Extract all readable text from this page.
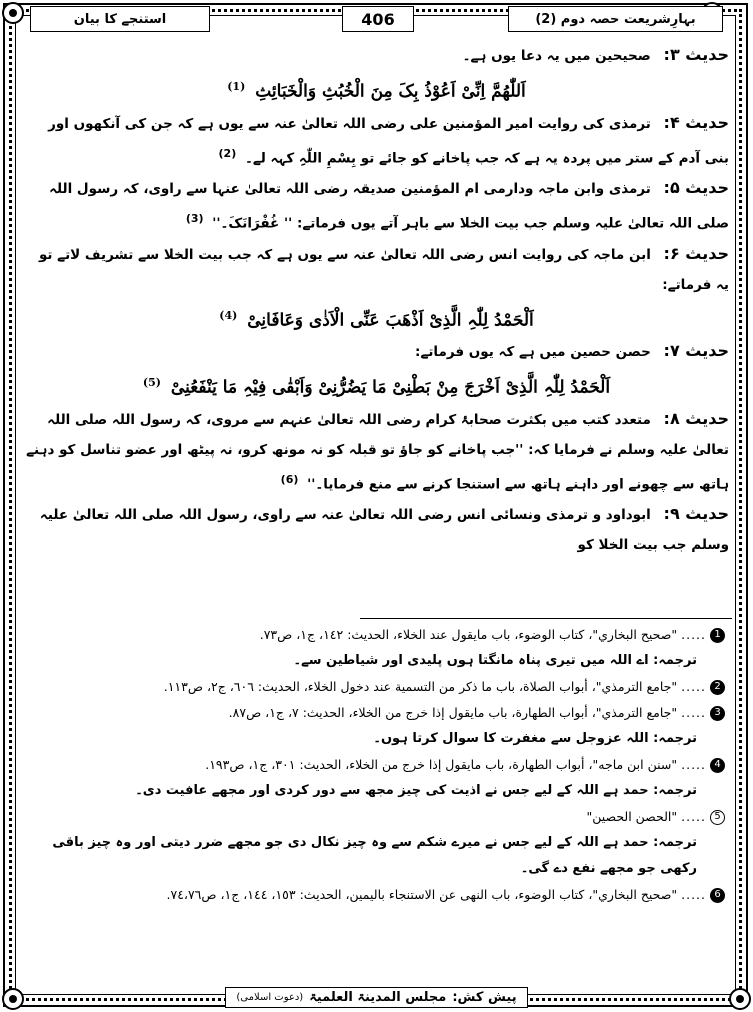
بہارِشریعت حصہ دوم (2)
406
استنجے کا بیان

حدیث ۳: صحیحین میں یہ دعا یوں ہے۔

اَللّٰھُمَّ اِنِّیْ اَعُوْذُ بِکَ مِنَ الْخُبُثِ وَالْخَبَائِثِ $^{(1)}$

حدیث ۴: ترمذی کی روایت امیر المؤمنین علی رضی اللہ تعالیٰ عنہ سے یوں ہے کہ جن کی آنکھوں اور بنی آدم کے ستر میں پردہ یہ ہے کہ جب پاخانے کو جائے تو بِسْمِ اللّٰہِ کہہ لے۔ $^{(2)}$

حدیث ۵: ترمذی وابن ماجہ ودارمی ام المؤمنین صدیقہ رضی اللہ تعالیٰ عنہا سے راوی، کہ رسول اللہ صلی اللہ تعالیٰ علیہ وسلم جب بیت الخلا سے باہر آتے یوں فرماتے: '' غُفْرَانَکَ۔'' $^{(3)}$

حدیث ۶: ابن ماجہ کی روایت انس رضی اللہ تعالیٰ عنہ سے یوں ہے کہ جب بیت الخلا سے تشریف لاتے تو یہ فرماتے:

اَلْحَمْدُ لِلّٰہِ الَّذِیْ اَذْھَبَ عَنِّی الْاَذٰی وَعَافَانِیْ $^{(4)}$

حدیث ۷: حصن حصین میں ہے کہ یوں فرماتے:

اَلْحَمْدُ لِلّٰہِ الَّذِیْ اَخْرَجَ مِنْ بَطْنِیْ مَا یَضُرُّنِیْ وَاَبْقٰی فِیْہِ مَا یَنْفَعُنِیْ $^{(5)}$

حدیث ۸: متعدد کتب میں بکثرت صحابۂ کرام رضی اللہ تعالیٰ عنہم سے مروی، کہ رسول اللہ صلی اللہ تعالیٰ علیہ وسلم نے فرمایا کہ: ''جب پاخانے کو جاؤ تو قبلہ کو نہ مونھ کرو، نہ پیٹھ اور عضو تناسل کو دہنے ہاتھ سے چھونے اور داہنے ہاتھ سے استنجا کرنے سے منع فرمایا۔'' $^{(6)}$

حدیث ۹: ابوداود و ترمذی ونسائی انس رضی اللہ تعالیٰ عنہ سے راوی، رسول اللہ صلی اللہ تعالیٰ علیہ وسلم جب بیت الخلا کو

1
.....
"صحيح البخاري"، كتاب الوضوء، باب مايقول عند الخلاء، الحديث: ١٤٢، ج١، ص٧٣.

ترجمہ: اے اللہ میں تیری پناہ مانگتا ہوں پلیدی اور شیاطین سے۔

2
.....
"جامع الترمذي"، أبواب الصلاة، باب ما ذكر من التسمية عند دخول الخلاء، الحديث: ٦٠٦، ج٢، ص١١٣.

3
.....
"جامع الترمذي"، أبواب الطهارة، باب مايقول إذا خرج من الخلاء، الحديث: ٧، ج١، ص٨٧.

ترجمہ: اللہ عزوجل سے مغفرت کا سوال کرتا ہوں۔

4
.....
"سنن ابن ماجه"، أبواب الطهارة، باب مايقول إذا خرج من الخلاء، الحديث: ٣٠١، ج١، ص١٩٣.

ترجمہ: حمد ہے اللہ کے لیے جس نے اذیت کی چیز مجھ سے دور کردی اور مجھے عافیت دی۔

5
.....
"الحصن الحصين"

ترجمہ: حمد ہے اللہ کے لیے جس نے میرے شکم سے وہ چیز نکال دی جو مجھے ضرر دیتی اور وہ چیز باقی رکھی جو مجھے نفع دے گی۔

6
.....
"صحيح البخاري"، كتاب الوضوء، باب النهى عن الاستنجاء باليمين، الحديث: ١٥٣، ١٤٤، ج١، ص٧٤،٧٦.

پیش کش:
مجلس المدینۃ العلمیۃ
(دعوت اسلامی)
